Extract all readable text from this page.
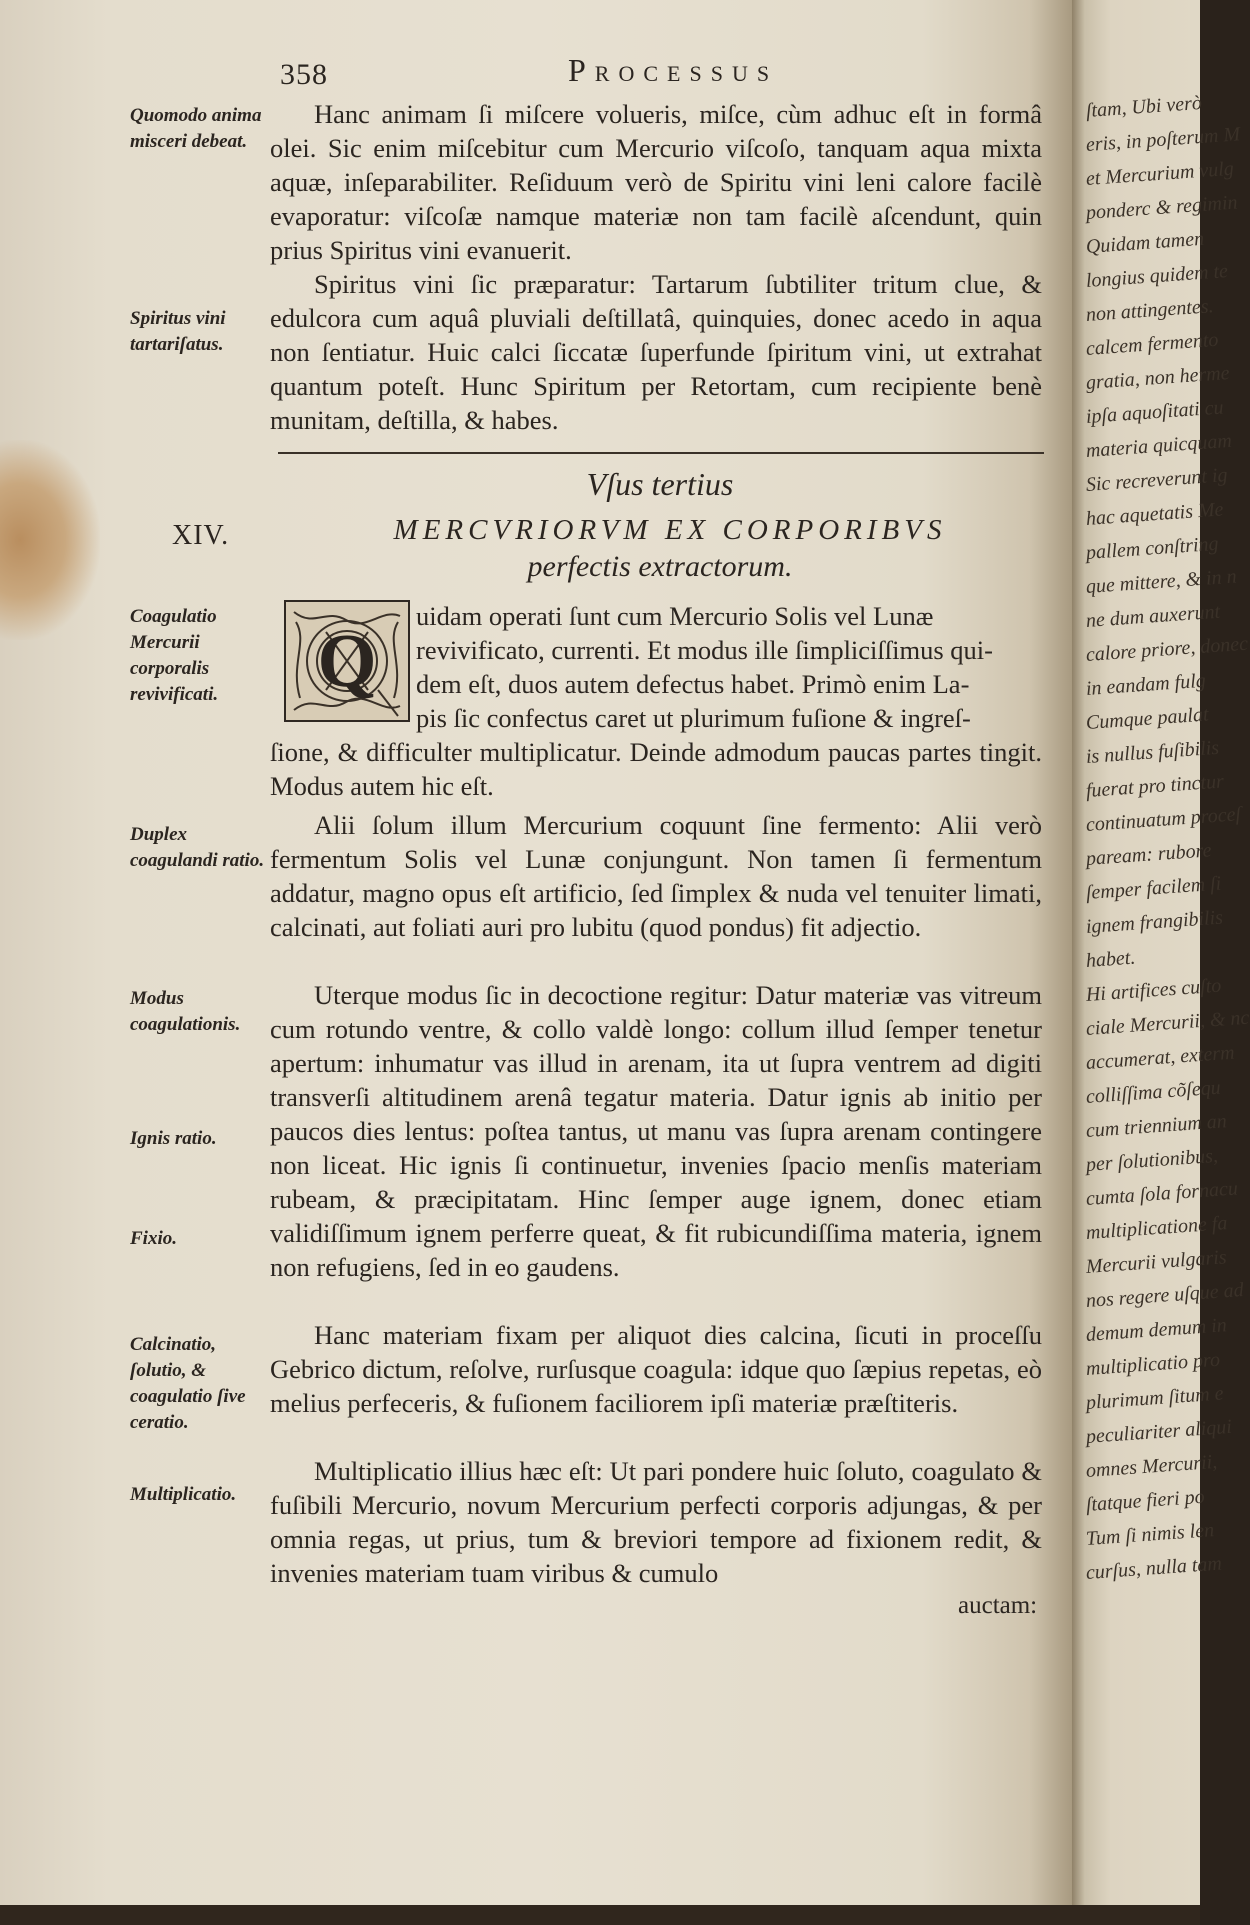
358	Processus
Quomodo anima misceri debeat.

Hanc animam ſi miſcere volueris, miſce, cùm adhuc eſt in formâ olei. Sic enim miſcebitur cum Mercurio viſcoſo, tanquam aqua mixta aquæ, inſeparabiliter. Reſiduum verò de Spiritu vini leni calore facilè evaporatur: viſcoſæ namque materiæ non tam facilè aſcendunt, quin prius Spiritus vini evanuerit.

Spiritus vini tartariſatus.

Spiritus vini ſic præparatur: Tartarum ſubtiliter tritum clue, & edulcora cum aquâ pluviali deſtillatâ, quinquies, donec acedo in aqua non ſentiatur. Huic calci ſiccatæ ſuperfunde ſpiritum vini, ut extrahat quantum poteſt. Hunc Spiritum per Retortam, cum recipiente benè munitam, deſtilla, & habes.

Vſus tertius
XIV.	MERCVRIORVM EX CORPORIBVS
perfectis extractorum.
Coagulatio Mercurii corporalis revivificati.	Q
uidam operati ſunt cum Mercurio Solis vel Lunæ
revivificato, currenti. Et modus ille ſimpliciſſimus qui-
dem eſt, duos autem defectus habet. Primò enim La-
pis ſic confectus caret ut plurimum fuſione & ingreſ-

ſione, & difficulter multiplicatur. Deinde admodum paucas partes tingit. Modus autem hic eſt.

Duplex coagulandi ratio.

Alii ſolum illum Mercurium coquunt ſine fermento: Alii verò fermentum Solis vel Lunæ conjungunt. Non tamen ſi fermentum addatur, magno opus eſt artificio, ſed ſimplex & nuda vel tenuiter limati, calcinati, aut foliati auri pro lubitu (quod pondus) fit adjectio.

Modus coagulationis.
Ignis ratio.
Fixio.

Uterque modus ſic in decoctione regitur: Datur materiæ vas vitreum cum rotundo ventre, & collo valdè longo: collum illud ſemper tenetur apertum: inhumatur vas illud in arenam, ita ut ſupra ventrem ad digiti transverſi altitudinem arenâ tegatur materia. Datur ignis ab initio per paucos dies lentus: poſtea tantus, ut manu vas ſupra arenam contingere non liceat. Hic ignis ſi continuetur, invenies ſpacio menſis materiam rubeam, & præcipitatam. Hinc ſemper auge ignem, donec etiam validiſſimum ignem perferre queat, & fit rubicundiſſima materia, ignem non refugiens, ſed in eo gaudens.

Calcinatio, ſolutio, & coagulatio ſive ceratio.

Hanc materiam fixam per aliquot dies calcina, ſicuti in proceſſu Gebrico dictum, reſolve, rurſusque coagula: idque quo ſæpius repetas, eò melius perfeceris, & fuſionem faciliorem ipſi materiæ præſtiteris.

Multiplicatio.

Multiplicatio illius hæc eſt: Ut pari pondere huic ſoluto, coagulato & fuſibili Mercurio, novum Mercurium perfecti corporis adjungas, & per omnia regas, ut prius, tum & breviori tempore ad fixionem redit, & invenies materiam tuam viribus & cumulo

auctam:
ſtam, Ubi verò
eris, in poſterum M
et Mercurium vulg
ponderc & regimin
Quidam tamen
longius quidem te
non attingentes.
calcem fermento
gratia, non herme
ipſa aquoſitati cu
materia quicquam
Sic recreverunt ig
hac aquetatis Me
pallem conſtring
que mittere, & in n
ne dum auxerunt
calore priore, donec
in eandam fulg
Cumque paulat
is nullus fuſibilis
fuerat pro tinctur
continuatum proceſ
paream: rubore
ſemper facilem ſi
ignem frangibilis
habet.
Hi artifices cuſto
ciale Mercurii, & nc
accumerat, exterm
colliſſima cõſequ
cum triennium an
per ſolutionibus,
cumta ſola fornacu
multiplicatione fa
Mercurii vulgaris
nos regere uſque ad
demum demum in
multiplicatio pro
plurimum ſitum e
peculiariter aliqui
omnes Mercurii,
ſtatque fieri po
Tum ſi nimis len
curſus, nulla tam
